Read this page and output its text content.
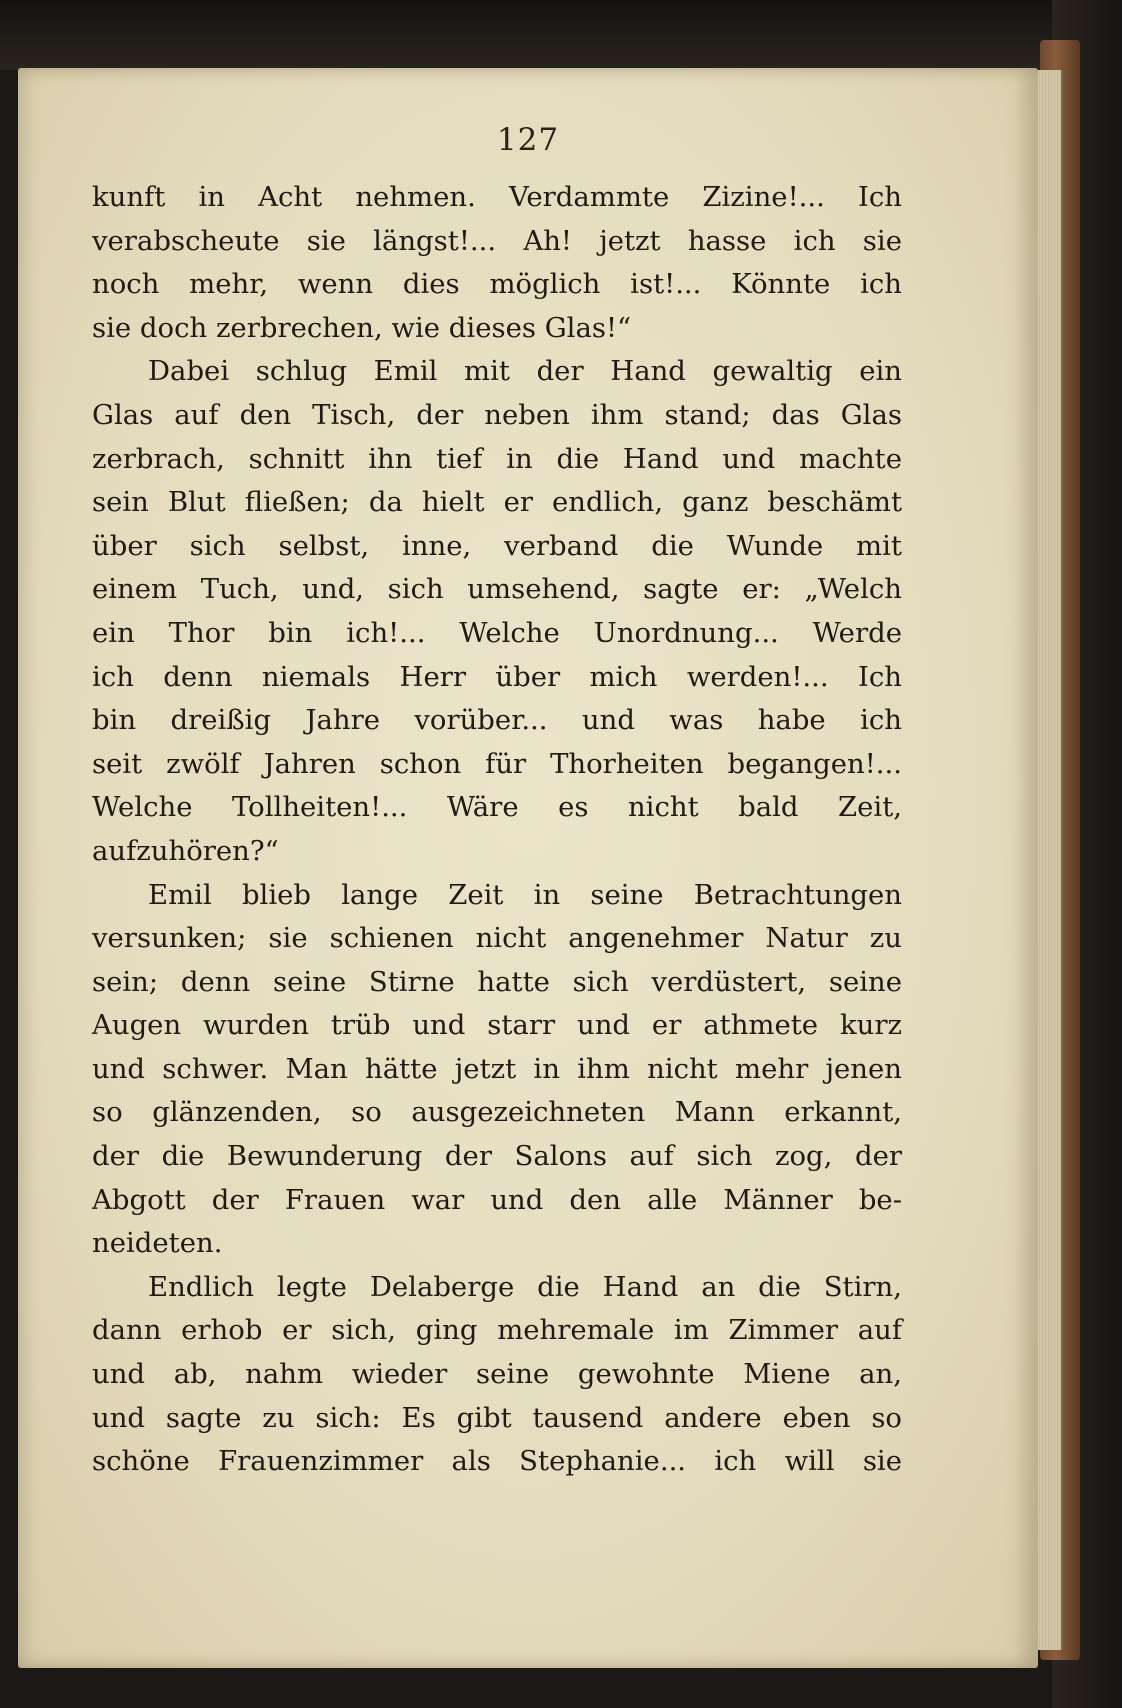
127
kunft in Acht nehmen. Verdammte Zizine!... Ich
verabscheute sie längst!... Ah! jetzt hasse ich sie
noch mehr, wenn dies möglich ist!... Könnte ich
sie doch zerbrechen, wie dieses Glas!“
Dabei schlug Emil mit der Hand gewaltig ein
Glas auf den Tisch, der neben ihm stand; das Glas
zerbrach, schnitt ihn tief in die Hand und machte
sein Blut fließen; da hielt er endlich, ganz beschämt
über sich selbst, inne, verband die Wunde mit
einem Tuch, und, sich umsehend, sagte er: „Welch
ein Thor bin ich!... Welche Unordnung... Werde
ich denn niemals Herr über mich werden!... Ich
bin dreißig Jahre vorüber... und was habe ich
seit zwölf Jahren schon für Thorheiten begangen!...
Welche Tollheiten!... Wäre es nicht bald Zeit,
aufzuhören?“
Emil blieb lange Zeit in seine Betrachtungen
versunken; sie schienen nicht angenehmer Natur zu
sein; denn seine Stirne hatte sich verdüstert, seine
Augen wurden trüb und starr und er athmete kurz
und schwer. Man hätte jetzt in ihm nicht mehr jenen
so glänzenden, so ausgezeichneten Mann erkannt,
der die Bewunderung der Salons auf sich zog, der
Abgott der Frauen war und den alle Männer be-
neideten.
Endlich legte Delaberge die Hand an die Stirn,
dann erhob er sich, ging mehremale im Zimmer auf
und ab, nahm wieder seine gewohnte Miene an,
und sagte zu sich: Es gibt tausend andere eben so
schöne Frauenzimmer als Stephanie... ich will sie
